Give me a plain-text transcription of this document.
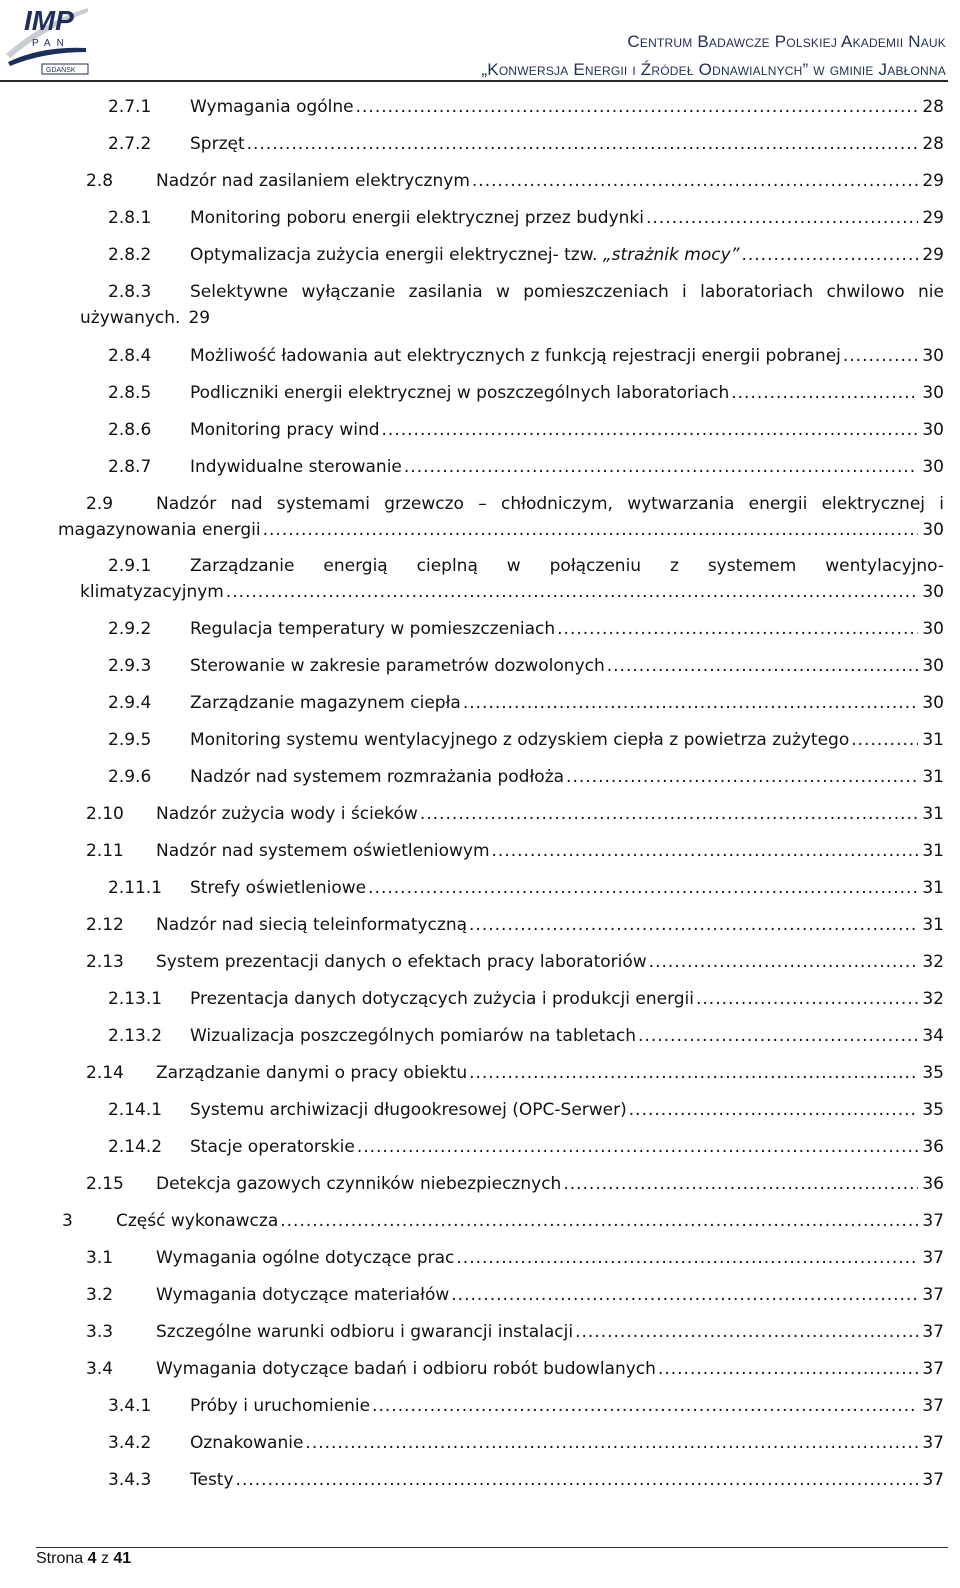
IMP
PAN
GDAŃSK
Centrum Badawcze Polskiej Akademii Nauk
„Konwersja Energii i Źródeł Odnawialnych” w gminie Jabłonna
2.7.1 Wymagania ogólne .....	28
2.7.2 Sprzęt .....	28
2.8	Nadzór nad zasilaniem elektrycznym .....	29
2.8.1 Monitoring poboru energii elektrycznej przez budynki .....	29
2.8.2 Optymalizacja zużycia energii elektrycznej- tzw. „strażnik mocy” .....	29
2.8.3 Selektywne wyłączanie zasilania w pomieszczeniach i laboratoriach chwilowo nie
używanych. 29
2.8.4 Możliwość ładowania aut elektrycznych z funkcją rejestracji energii pobranej .....	30
2.8.5 Podliczniki energii elektrycznej w poszczególnych laboratoriach .....	30
2.8.6 Monitoring pracy wind .....	30
2.8.7 Indywidualne sterowanie .....	30
2.9	Nadzór nad systemami grzewczo – chłodniczym, wytwarzania energii elektrycznej i
magazynowania energii .....	30
2.9.1 Zarządzanie energią cieplną w połączeniu z systemem wentylacyjno-
klimatyzacyjnym .....	30
2.9.2 Regulacja temperatury w pomieszczeniach .....	30
2.9.3 Sterowanie w zakresie parametrów dozwolonych .....	30
2.9.4 Zarządzanie magazynem ciepła .....	30
2.9.5 Monitoring systemu wentylacyjnego z odzyskiem ciepła z powietrza zużytego .....	31
2.9.6 Nadzór nad systemem rozmrażania podłoża .....	31
2.10 Nadzór zużycia wody i ścieków .....	31
2.11 Nadzór nad systemem oświetleniowym .....	31
2.11.1 Strefy oświetleniowe .....	31
2.12 Nadzór nad siecią teleinformatyczną .....	31
2.13 System prezentacji danych o efektach pracy laboratoriów .....	32
2.13.1 Prezentacja danych dotyczących zużycia i produkcji energii .....	32
2.13.2 Wizualizacja poszczególnych pomiarów na tabletach .....	34
2.14 Zarządzanie danymi o pracy obiektu .....	35
2.14.1 Systemu archiwizacji długookresowej (OPC-Serwer) .....	35
2.14.2 Stacje operatorskie .....	36
2.15 Detekcja gazowych czynników niebezpiecznych .....	36
3	Część wykonawcza .....	37
3.1	Wymagania ogólne dotyczące prac .....	37
3.2	Wymagania dotyczące materiałów .....	37
3.3	Szczególne warunki odbioru i gwarancji instalacji .....	37
3.4	Wymagania dotyczące badań i odbioru robót budowlanych .....	37
3.4.1 Próby i uruchomienie .....	37
3.4.2 Oznakowanie .....	37
3.4.3 Testy .....	37
Strona 4 z 41
